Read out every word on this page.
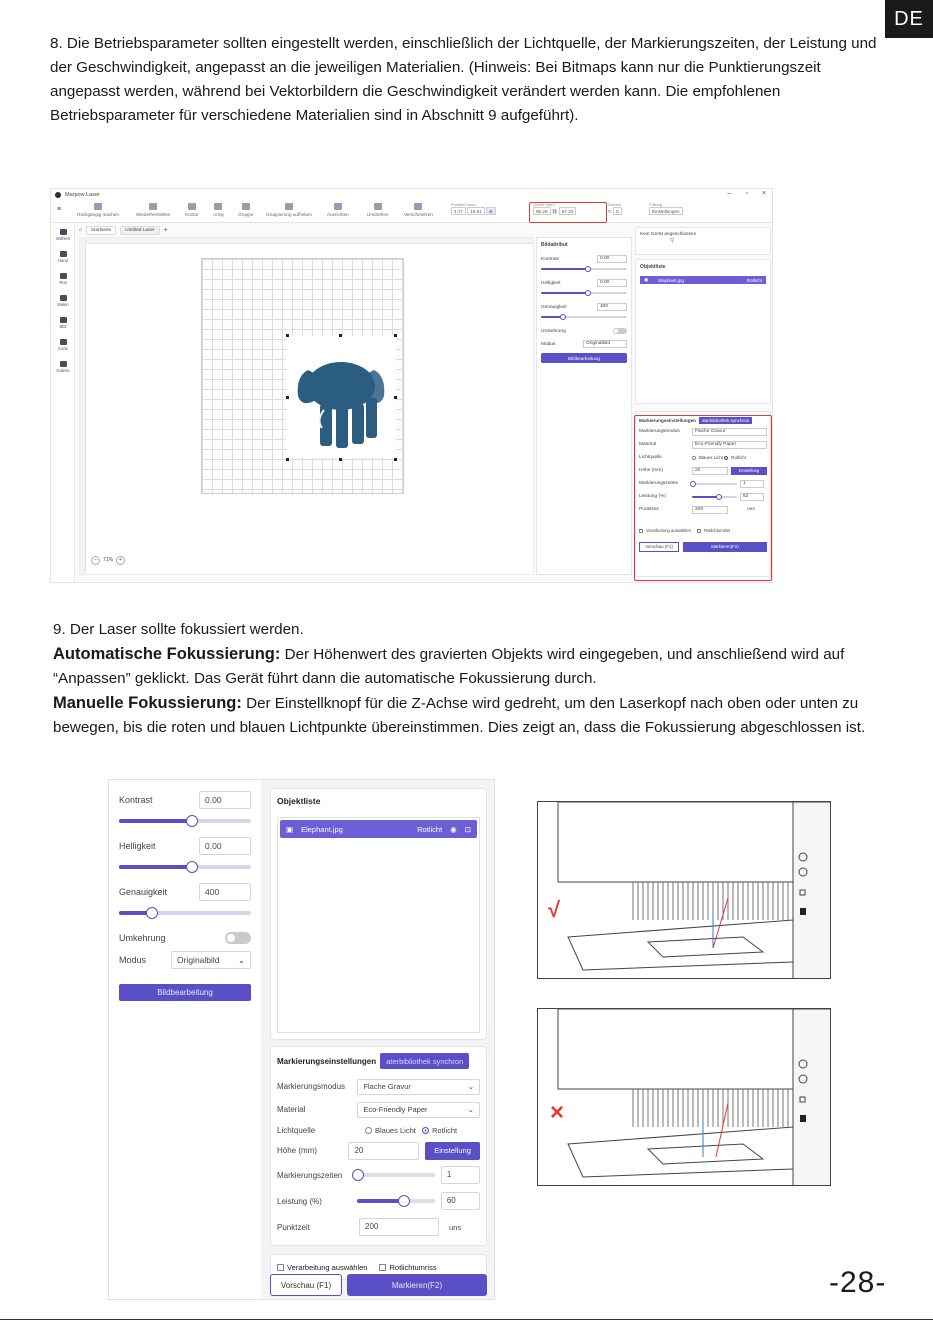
DE

8. Die Betriebsparameter sollten eingestellt werden, einschließlich der Lichtquelle, der Markierungszeiten, der Leistung und der Geschwindigkeit, angepasst an die jeweiligen Materialien. (Hinweis: Bei Bitmaps kann nur die Punktierungszeit angepasst werden, während bei Vektorbildern die Geschwindigkeit verändert werden kann. Die empfohlenen Betriebsparameter für verschiedene Materialien sind in Abschnitt 9 aufgeführt).

Marpow Laser	– ▫ ×
≡
Rückgängig machen	Wiederherstellen	Kontur	Array	Gruppe	Gruppierung aufheben	Ausrichten	Umdrehen	Verschmelzen
Position (mm)
4.77 16.81 ⊕
Größe (mm)
85.28 ⛓ 97.33
Drehen
↻ 0
Füllung
Einstellungen
Wählen
Hand
Text
Malen
Bild
Code
Galerie
⌂	Startseite	Untitled Laser	+
−	71%	+
Bildattribut
Kontrast	0.00
Helligkeit	0.00
Genauigkeit	400
Umkehrung
Modus	Originalbild
Bildbearbeitung
Kein Gerät angeschlossen
⚲
Objektliste
▣ Elephant.jpg	Rotlicht
Markierungseinstellungen	aterbibliothek synchron
Markierungsmodus	Flache Gravur
Material	Eco-Friendly Paper
Lichtquelle	Blaues Licht Rotlicht
Höhe (mm)	20	Einstellung
Markierungszeiten	1
Leistung (%)	62
Punktzeit	200	uns
Verarbeitung auswählen	Rotlichtumriss
Vorschau (F1)	Markieren(F2)
9. Der Laser sollte fokussiert werden.
Automatische Fokussierung: Der Höhenwert des gravierten Objekts wird eingegeben, und anschließend wird auf “Anpassen” geklickt. Das Gerät führt dann die automatische Fokussierung durch.
Manuelle Fokussierung: Der Einstellknopf für die Z-Achse wird gedreht, um den Laserkopf nach oben oder unten zu bewegen, bis die roten und blauen Lichtpunkte übereinstimmen. Dies zeigt an, dass die Fokussierung abgeschlossen ist.
Kontrast	0.00
Helligkeit	0.00
Genauigkeit	400
Umkehrung
Modus	Originalbild ⌄
Bildbearbeitung
Objektliste
▣ Elephant.jpg	Rotlicht ◉ ⊡
Markierungseinstellungen	aterbibliothek synchron
Markierungsmodus	Flache Gravur	⌄
Material	Eco-Friendly Paper	⌄
Lichtquelle	Blaues Licht Rotlicht
Höhe (mm)	20	Einstellung
Markierungszeiten	1
Leistung (%)	60
Punktzeit	200	uns
Verarbeitung auswählen	Rotlichtumriss
Vorschau (F1)	Markieren(F2)
√
×
-28-
